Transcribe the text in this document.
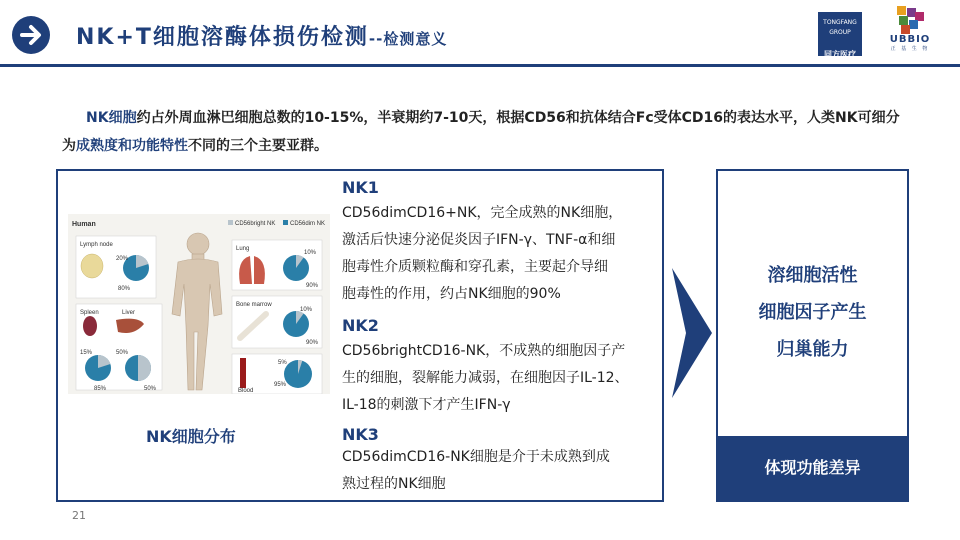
NK+T细胞溶酶体损伤检测--检测意义
TONGFANG GROUP
同方医疗
UBBIO
正 基 生 物
NK细胞约占外周血淋巴细胞总数的10-15%，半衰期约7-10天，根据CD56和抗体结合Fc受体CD16的表达水平，人类NK可细分为成熟度和功能特性不同的三个主要亚群。
Human	CD56bright NK CD56dim NK
Lymph node
20%
80%
Lung
10%
90%
Bone marrow
10%
90%
Spleen	Liver
15%	50%
85%	50%	Blood
5%
95%
NK细胞分布
NK1
CD56dimCD16+NK，完全成熟的NK细胞，
激活后快速分泌促炎因子IFN-γ、TNF-α和细
胞毒性介质颗粒酶和穿孔素，主要起介导细
胞毒性的作用，约占NK细胞的90%
NK2
CD56brightCD16-NK，不成熟的细胞因子产
生的细胞，裂解能力减弱，在细胞因子IL-12、
IL-18的刺激下才产生IFN-γ
NK3
CD56dimCD16-NK细胞是介于未成熟到成
熟过程的NK细胞
溶细胞活性
细胞因子产生
归巢能力
体现功能差异
21
